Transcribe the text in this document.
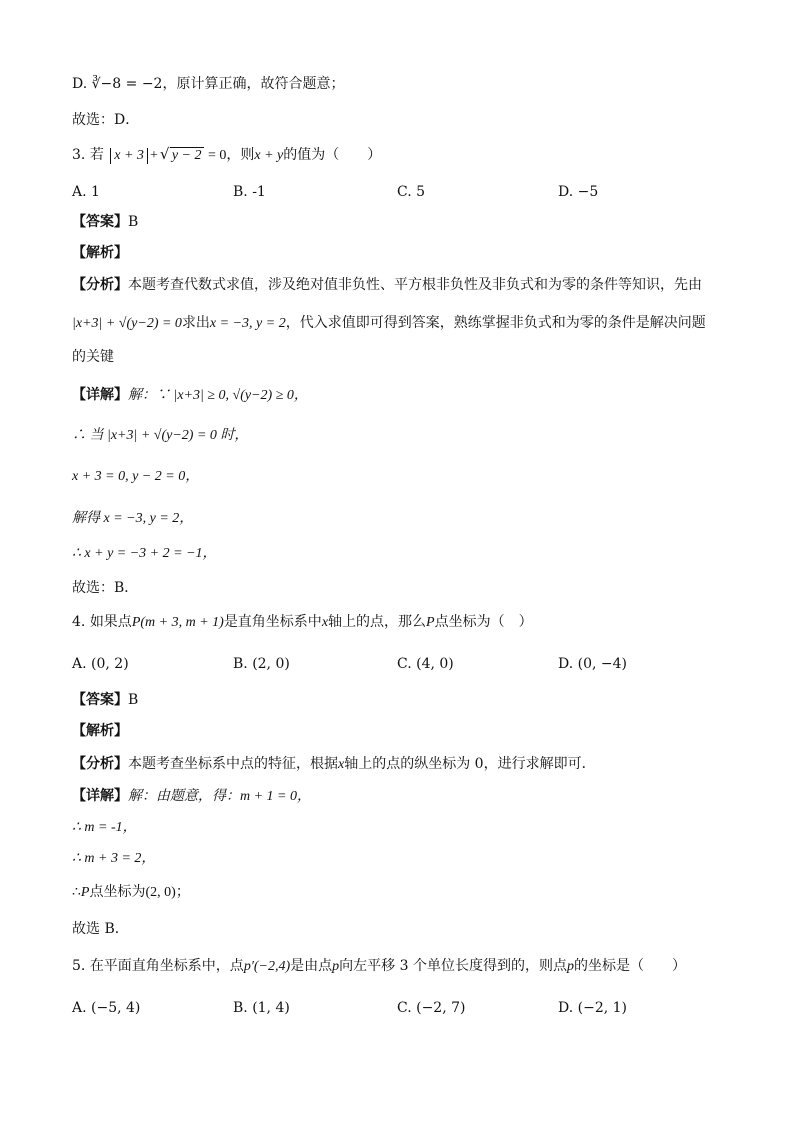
D. ∛−8 = −2，原计算正确，故符合题意；
故选：D．
3. 若 x + 3 +√ y − 2 = 0，则x + y的值为（　　）
A. 1	B. -1	C. 5	D. −5
【答案】B
【解析】
【分析】本题考查代数式求值，涉及绝对值非负性、平方根非负性及非负式和为零的条件等知识，先由
|x+3| + √(y−2) = 0求出x = −3, y = 2，代入求值即可得到答案，熟练掌握非负式和为零的条件是解决问题
的关键
【详解】解：∵ |x+3| ≥ 0, √(y−2) ≥ 0，
∴ 当 |x+3| + √(y−2) = 0 时，
x + 3 = 0, y − 2 = 0，
解得 x = −3, y = 2，
∴ x + y = −3 + 2 = −1，
故选：B．
4. 如果点P(m + 3, m + 1)是直角坐标系中x轴上的点，那么P点坐标为（　）
A. (0, 2)	B. (2, 0)	C. (4, 0)	D. (0, −4)
【答案】B
【解析】
【分析】本题考查坐标系中点的特征，根据x轴上的点的纵坐标为 0，进行求解即可．
【详解】解：由题意，得：m + 1 = 0，
∴ m = -1，
∴ m + 3 = 2，
∴P点坐标为(2, 0)；
故选 B．
5. 在平面直角坐标系中，点p′(−2,4)是由点p向左平移 3 个单位长度得到的，则点p的坐标是（　　）
A. (−5, 4)	B. (1, 4)	C. (−2, 7)	D. (−2, 1)
